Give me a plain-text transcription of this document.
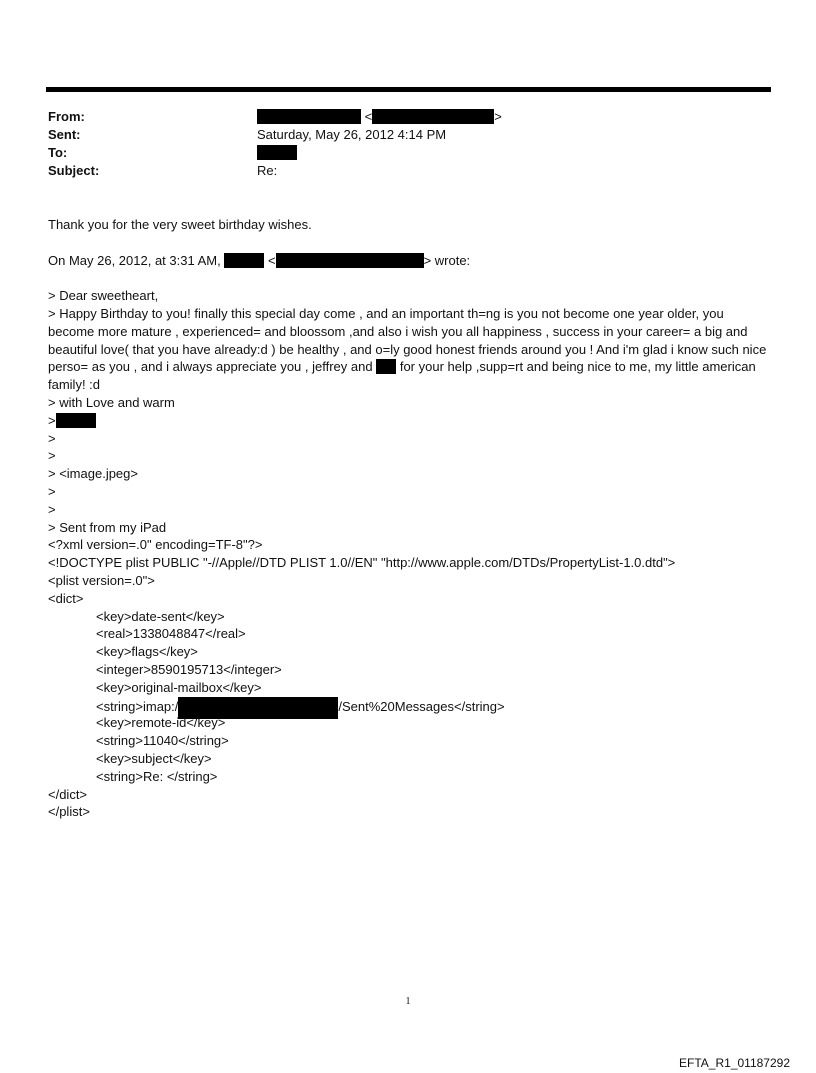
From:	<	>
Sent:	Saturday, May 26, 2012 4:14 PM
To:
Subject:	Re:
Thank you for the very sweet birthday wishes.
On May 26, 2012, at 3:31 AM,	<	> wrote:
> Dear sweetheart,
> Happy Birthday to you! finally this special day come , and an important th=ng is you not become one year older, you become more mature , experienced= and bloossom ,and also i wish you all happiness , success in your career= a big and beautiful love( that you have already:d ) be healthy , and o=ly good honest friends around you ! And i'm glad i know such nice perso= as you , and i always appreciate you , jeffrey and for your help ,supp=rt and being nice to me, my little american family! :d
> with Love and warm
>
>
>
> <image.jpeg>
>
>
> Sent from my iPad
<?xml version=.0" encoding=TF-8"?>
<!DOCTYPE plist PUBLIC "-//Apple//DTD PLIST 1.0//EN" "http://www.apple.com/DTDs/PropertyList-1.0.dtd">
<plist version=.0">
<dict>
<key>date-sent</key>
<real>1338048847</real>
<key>flags</key>
<integer>8590195713</integer>
<key>original-mailbox</key>
<string>imap:/	/Sent%20Messages</string>
<key>remote-id</key>
<string>11040</string>
<key>subject</key>
<string>Re: </string>
</dict>
</plist>
1
EFTA_R1_01187292
